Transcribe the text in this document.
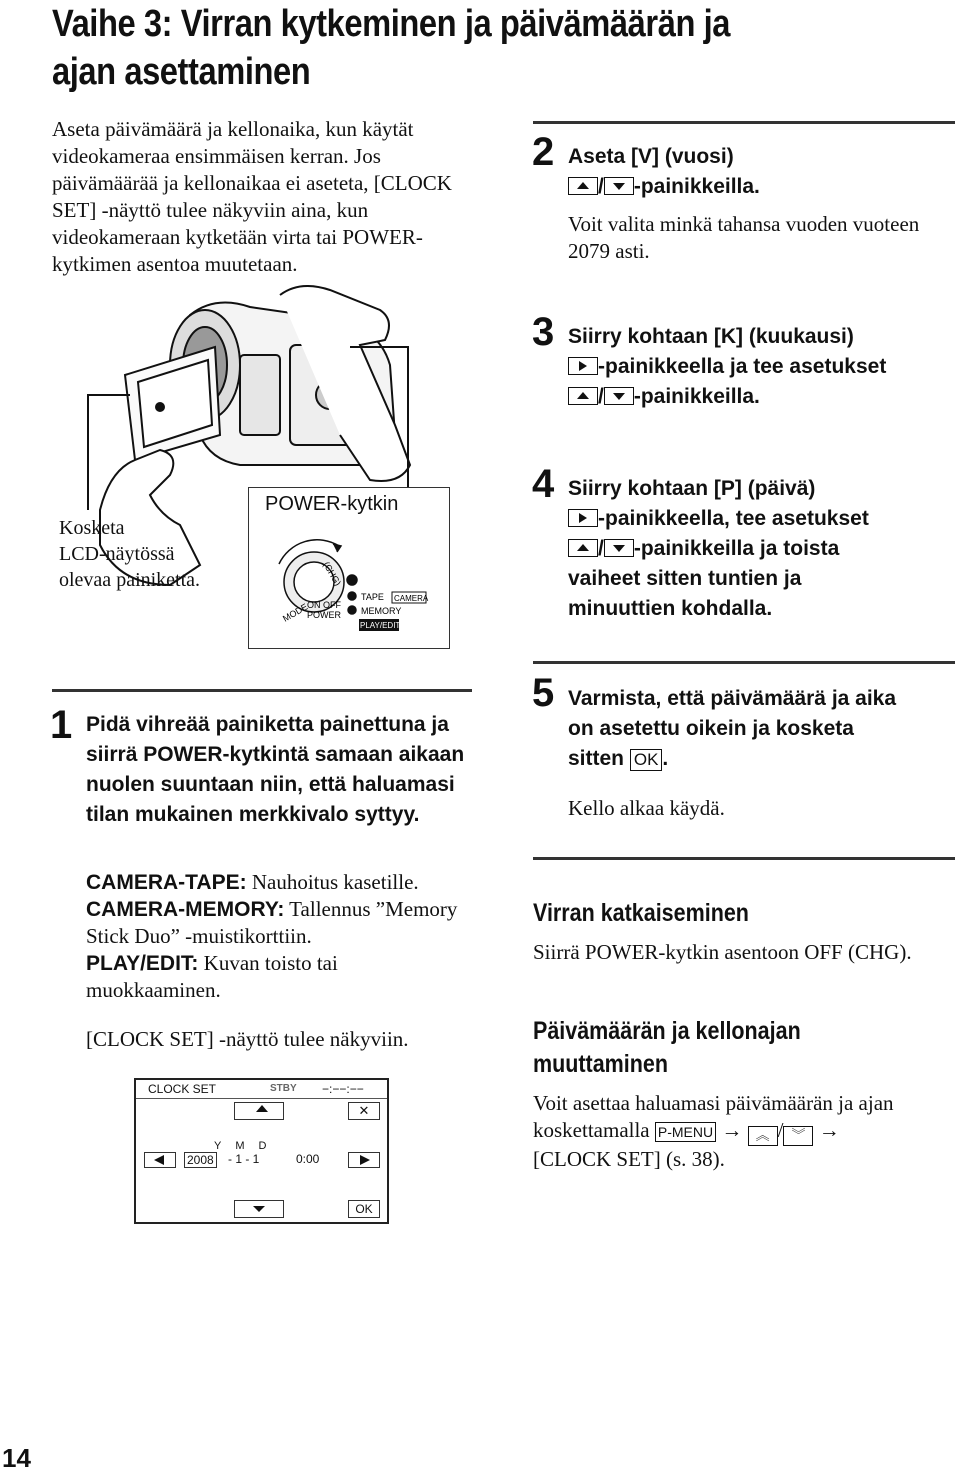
Vaihe 3: Virran kytkeminen ja päivämäärän ja
ajan asettaminen
Aseta päivämäärä ja kellonaika, kun käytät videokameraa ensimmäisen kerran. Jos päivämäärää ja kellonaikaa ei aseteta, [CLOCK SET] -näyttö tulee näkyviin aina, kun videokameraan kytketään virta tai POWER-kytkimen asentoa muutetaan.
Kosketa
LCD-näytössä
olevaa painiketta.
POWER-kytkin
MODE
(CHG)
ON OFF
POWER
TAPE
MEMORY
CAMERA
PLAY/EDIT
1 Pidä vihreää painiketta painettuna ja siirrä POWER-kytkintä samaan aikaan nuolen suuntaan niin, että haluamasi tilan mukainen merkkivalo syttyy.
CAMERA-TAPE: Nauhoitus kasetille.
CAMERA-MEMORY: Tallennus ”Memory Stick Duo” -muistikorttiin.
PLAY/EDIT: Kuvan toisto tai muokkaaminen.
[CLOCK SET] -näyttö tulee näkyviin.
CLOCK SET	STBY −:−−:−−
✕
YMD
2008 - 1 - 1	0:00
OK
2 Aseta [V] (vuosi)
/ -painikkeilla.
Voit valita minkä tahansa vuoden vuoteen 2079 asti.
3 Siirry kohtaan [K] (kuukausi)
-painikkeella ja tee asetukset
/ -painikkeilla.
4 Siirry kohtaan [P] (päivä)
-painikkeella, tee asetukset
/ -painikkeilla ja toista
vaiheet sitten tuntien ja
minuuttien kohdalla.
5 Varmista, että päivämäärä ja aika
on asetettu oikein ja kosketa
sitten OK .
Kello alkaa käydä.
Virran katkaiseminen
Siirrä POWER-kytkin asentoon OFF (CHG).
Päivämäärän ja kellonajan
muuttaminen
Voit asettaa haluamasi päivämäärän ja ajan
koskettamalla P-MENU → ︽ / ︾ →
[CLOCK SET] (s. 38).
14
